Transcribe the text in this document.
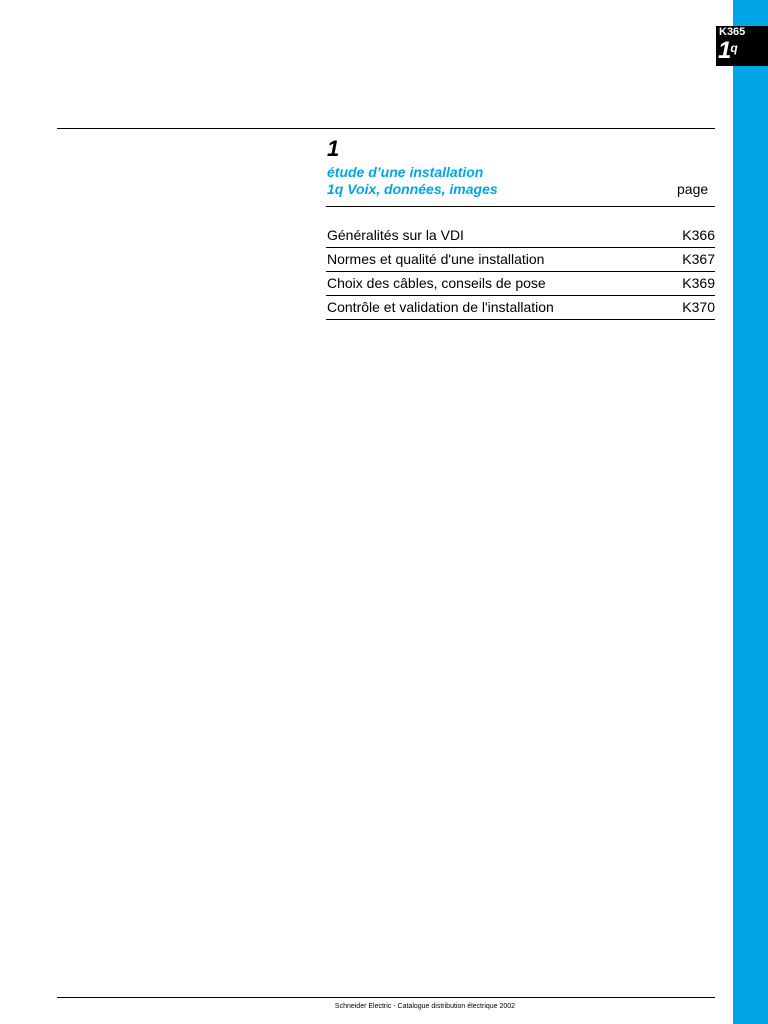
K365
1$^q$
1
étude d’une installation
1q Voix, données, images	page
Généralités sur la VDI	K366
Normes et qualité d'une installation	K367
Choix des câbles, conseils de pose	K369
Contrôle et validation de l'installation	K370
Schneider Electric - Catalogue distribution électrique 2002
